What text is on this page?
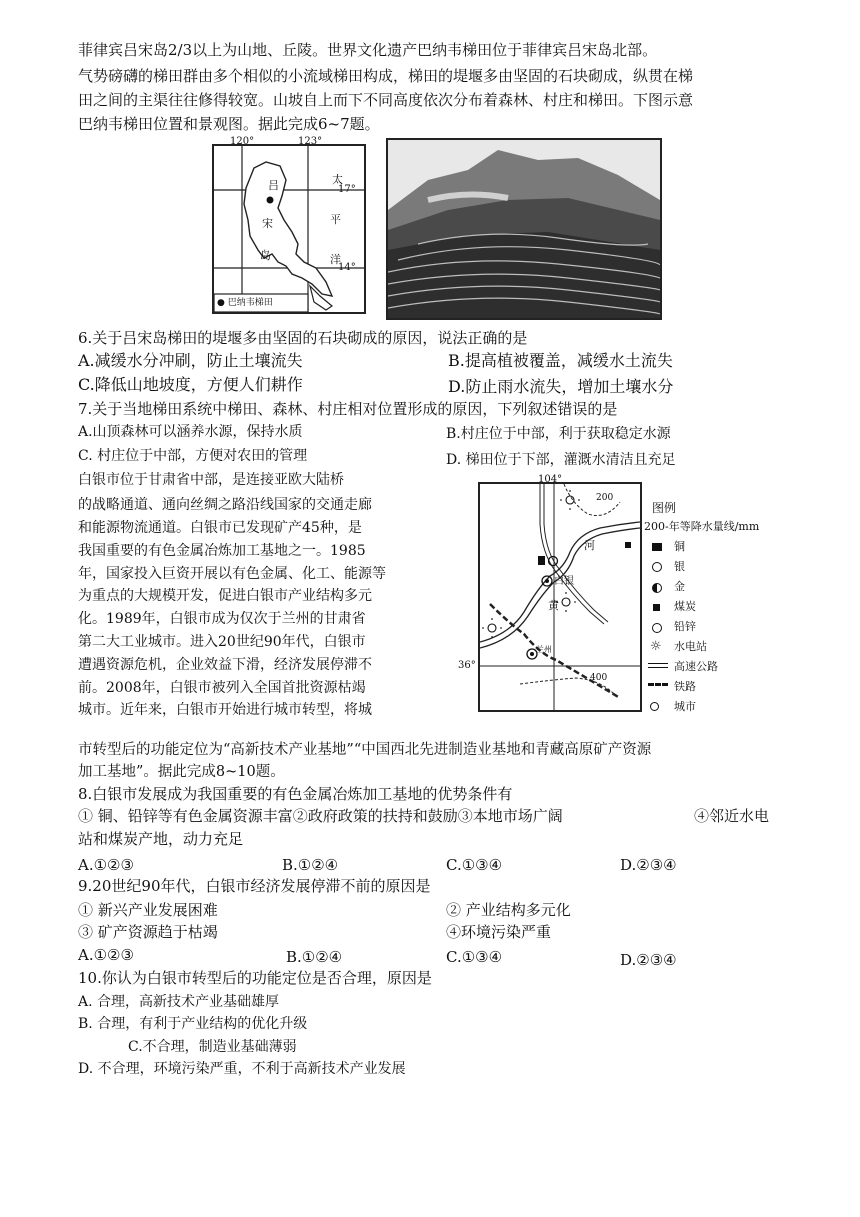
菲律宾吕宋岛2/3以上为山地、丘陵。世界文化遗产巴纳韦梯田位于菲律宾吕宋岛北部。
气势磅礴的梯田群由多个相似的小流域梯田构成，梯田的堤堰多由坚固的石块砌成，纵贯在梯
田之间的主渠往往修得较宽。山坡自上而下不同高度依次分布着森林、村庄和梯田。下图示意
巴纳韦梯田位置和景观图。据此完成6~7题。
120°	123°
17°
14°
吕
宋
岛
太
平
洋
● 巴纳韦梯田
6.关于吕宋岛梯田的堤堰多由坚固的石块砌成的原因，说法正确的是
A.减缓水分冲刷，防止土壤流失	B.提高植被覆盖，减缓水土流失
C.降低山地坡度，方便人们耕作	D.防止雨水流失，增加土壤水分
7.关于当地梯田系统中梯田、森林、村庄相对位置形成的原因，下列叙述错误的是
A.山顶森林可以涵养水源，保持水质	B.村庄位于中部，利于获取稳定水源
C. 村庄位于中部，方便对农田的管理	D. 梯田位于下部，灌溉水清洁且充足
白银市位于甘肃省中部，是连接亚欧大陆桥
的战略通道、通向丝绸之路沿线国家的交通走廊
和能源物流通道。白银市已发现矿产45种，是
我国重要的有色金属冶炼加工基地之一。1985
年，国家投入巨资开展以有色金属、化工、能源等
为重点的大规模开发，促进白银市产业结构多元
化。1989年，白银市成为仅次于兰州的甘肃省
第二大工业城市。进入20世纪90年代，白银市
遭遇资源危机，企业效益下滑，经济发展停滞不
前。2008年，白银市被列入全国首批资源枯竭
城市。近年来，白银市开始进行城市转型，将城
市转型后的功能定位为“高新技术产业基地”“中国西北先进制造业基地和青藏高原矿产资源
加工基地”。据此完成8~10题。
104°
36°
200
400
河
黄
白银
兰州
图例
200-年等降水量线/mm
铜
银
金
煤炭
铅锌
☼ 水电站
高速公路
铁路
城市
8.白银市发展成为我国重要的有色金属冶炼加工基地的优势条件有
① 铜、铅锌等有色金属资源丰富②政府政策的扶持和鼓励③本地市场广阔	④邻近水电
站和煤炭产地，动力充足
A.①②③	B.①②④	C.①③④	D.②③④
9.20世纪90年代，白银市经济发展停滞不前的原因是
① 新兴产业发展困难	② 产业结构多元化
③ 矿产资源趋于枯竭	④环境污染严重
A.①②③	B.①②④	C.①③④	D.②③④
10.你认为白银市转型后的功能定位是否合理，原因是
A. 合理，高新技术产业基础雄厚
B. 合理，有利于产业结构的优化升级
C.不合理，制造业基础薄弱
D. 不合理，环境污染严重，不利于高新技术产业发展
